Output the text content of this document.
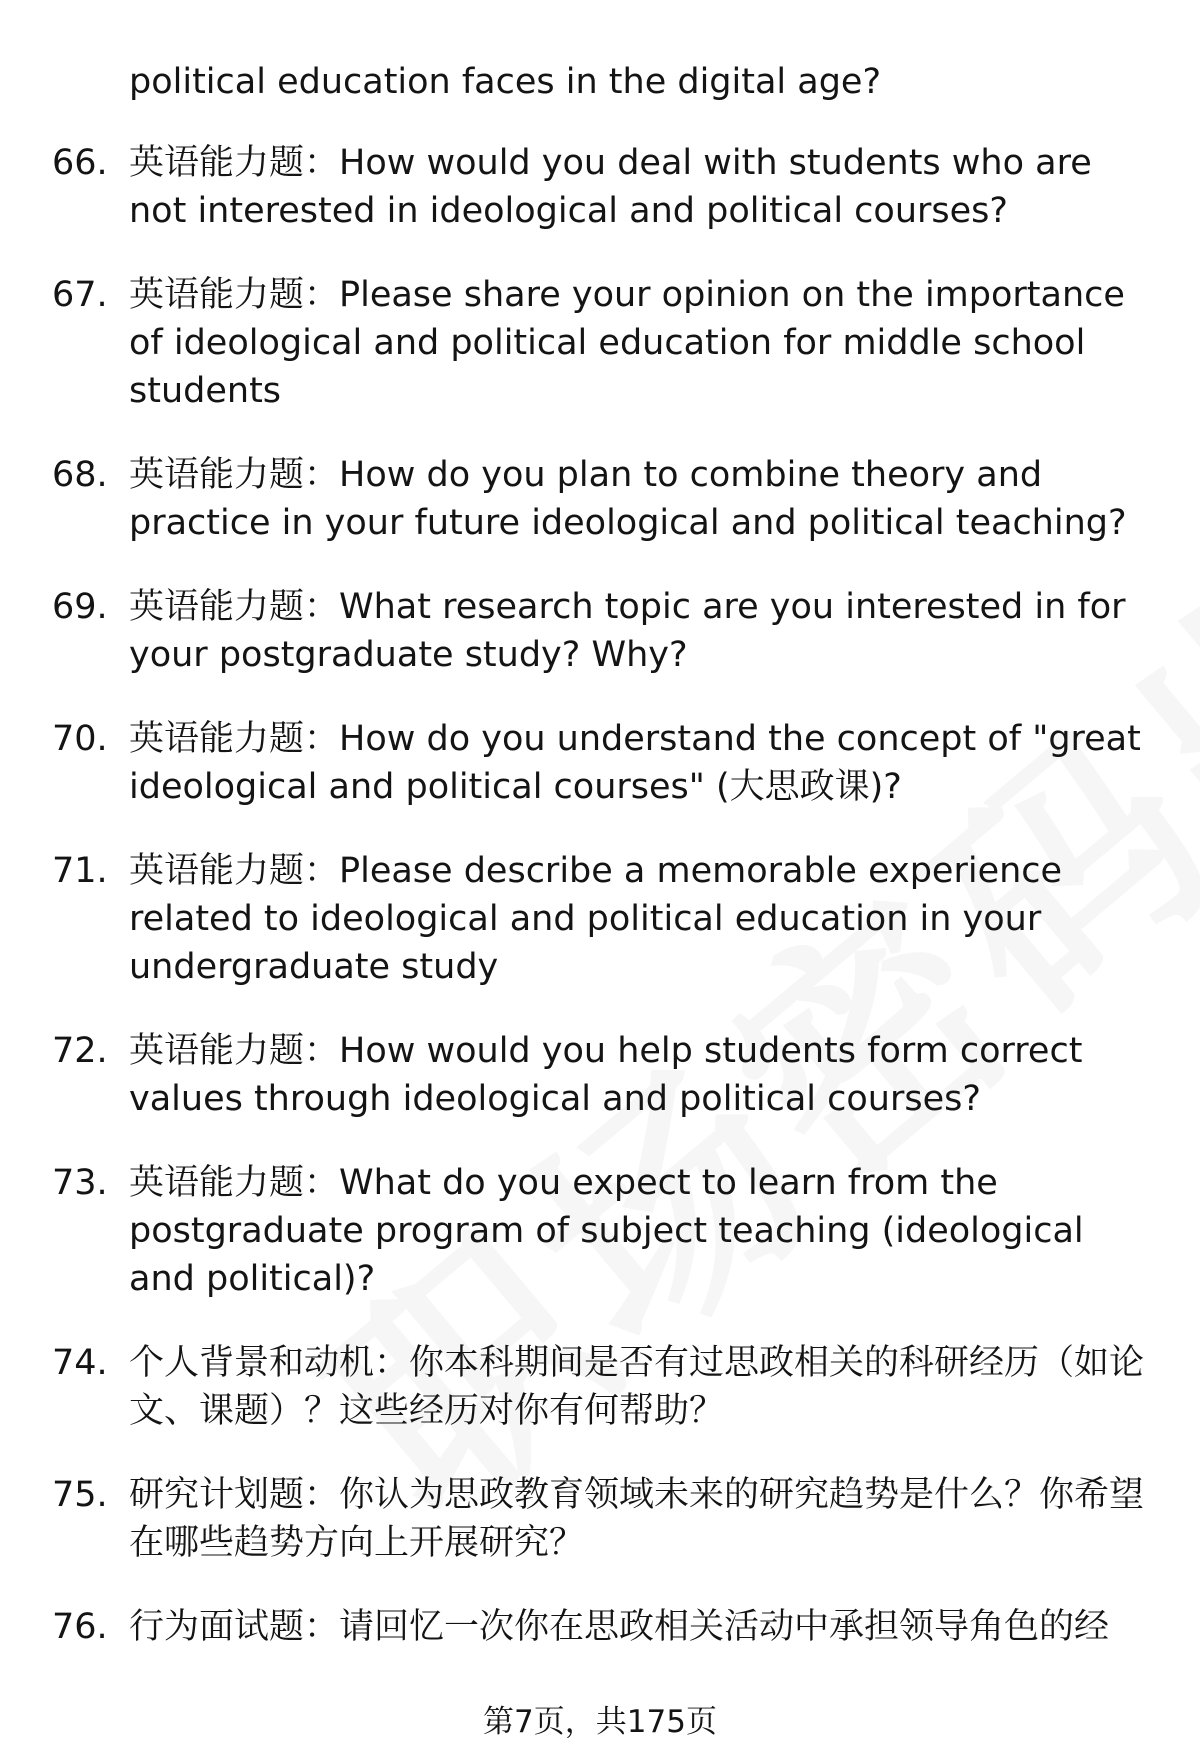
political education faces in the digital age?
66. 英语能力题：How would you deal with students who are not interested in ideological and political courses?
67. 英语能力题：Please share your opinion on the importance of ideological and political education for middle school students
68. 英语能力题：How do you plan to combine theory and practice in your future ideological and political teaching?
69. 英语能力题：What research topic are you interested in for your postgraduate study? Why?
70. 英语能力题：How do you understand the concept of "great ideological and political courses" (大思政课)?
71. 英语能力题：Please describe a memorable experience related to ideological and political education in your undergraduate study
72. 英语能力题：How would you help students form correct values through ideological and political courses?
73. 英语能力题：What do you expect to learn from the postgraduate program of subject teaching (ideological and political)?
74. 个人背景和动机：你本科期间是否有过思政相关的科研经历（如论文、课题）？这些经历对你有何帮助？
75. 研究计划题：你认为思政教育领域未来的研究趋势是什么？你希望在哪些趋势方向上开展研究？
76. 行为面试题：请回忆一次你在思政相关活动中承担领导角色的经
第7页，共175页
